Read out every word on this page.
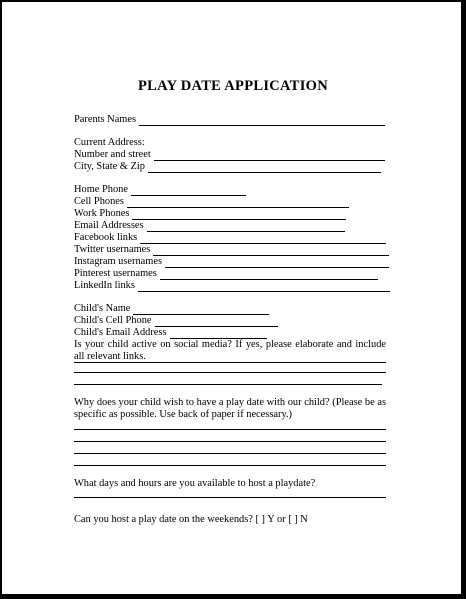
PLAY DATE APPLICATION
Parents Names
Current Address:
Number and street
City, State & Zip
Home Phone
Cell Phones
Work Phones
Email Addresses
Facebook links
Twitter usernames
Instagram usernames
Pinterest usernames
LinkedIn links
Child's Name
Child's Cell Phone
Child's Email Address
Is your child active on social media? If yes, please elaborate and include all relevant links.
Why does your child wish to have a play date with our child? (Please be as specific as possible. Use back of paper if necessary.)
What days and hours are you available to host a playdate?
Can you host a play date on the weekends? [ ] Y or [ ] N
